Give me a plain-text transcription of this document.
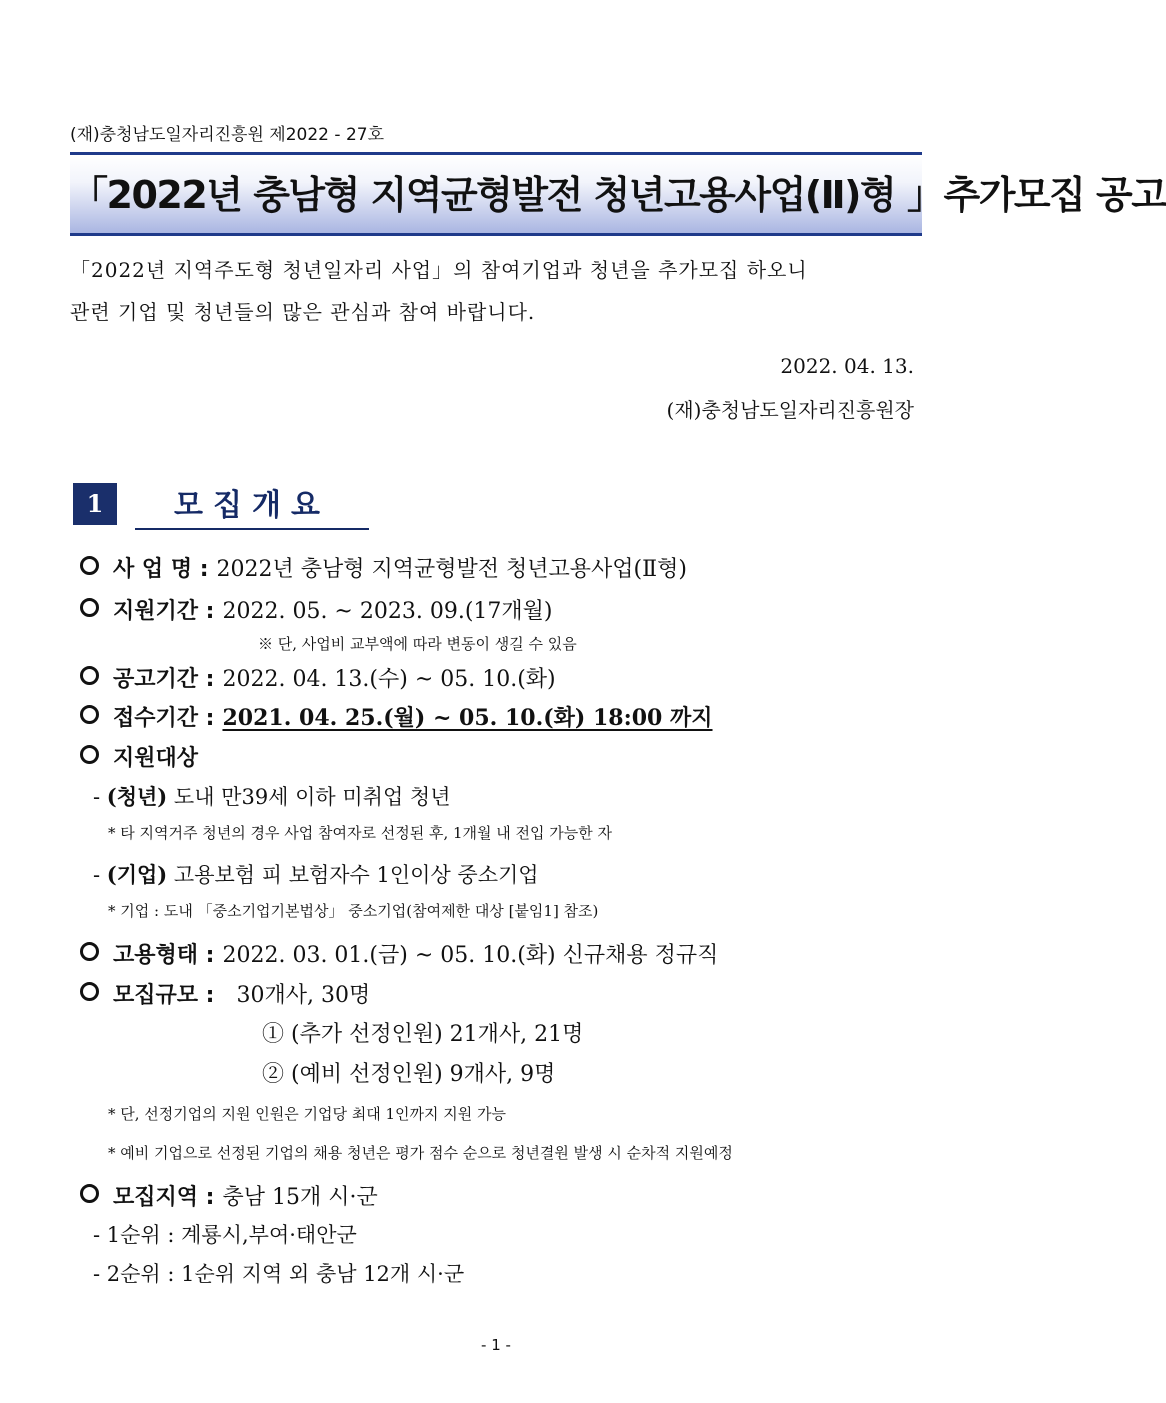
(재)충청남도일자리진흥원 제2022 - 27호
「2022년 충남형 지역균형발전 청년고용사업(Ⅱ)형 」추가모집 공고
「2022년 지역주도형 청년일자리 사업」의 참여기업과 청년을 추가모집 하오니
관련 기업 및 청년들의 많은 관심과 참여 바랍니다.
2022. 04. 13.
(재)충청남도일자리진흥원장
1	모집개요
사 업 명 : 2022년 충남형 지역균형발전 청년고용사업(Ⅱ형)
지원기간 : 2022. 05. ~ 2023. 09.(17개월)
※ 단, 사업비 교부액에 따라 변동이 생길 수 있음
공고기간 : 2022. 04. 13.(수) ~ 05. 10.(화)
접수기간 : 2021. 04. 25.(월) ~ 05. 10.(화) 18:00 까지
지원대상
- (청년) 도내 만39세 이하 미취업 청년
* 타 지역거주 청년의 경우 사업 참여자로 선정된 후, 1개월 내 전입 가능한 자
- (기업) 고용보험 피 보험자수 1인이상 중소기업
* 기업 : 도내 「중소기업기본법상」 중소기업(참여제한 대상 [붙임1] 참조)
고용형태 : 2022. 03. 01.(금) ~ 05. 10.(화) 신규채용 정규직
모집규모 : 30개사, 30명
① (추가 선정인원) 21개사, 21명
② (예비 선정인원) 9개사, 9명
* 단, 선정기업의 지원 인원은 기업당 최대 1인까지 지원 가능
* 예비 기업으로 선정된 기업의 채용 청년은 평가 점수 순으로 청년결원 발생 시 순차적 지원예정
모집지역 : 충남 15개 시·군
- 1순위 : 계룡시,부여·태안군
- 2순위 : 1순위 지역 외 충남 12개 시·군
- 1 -
